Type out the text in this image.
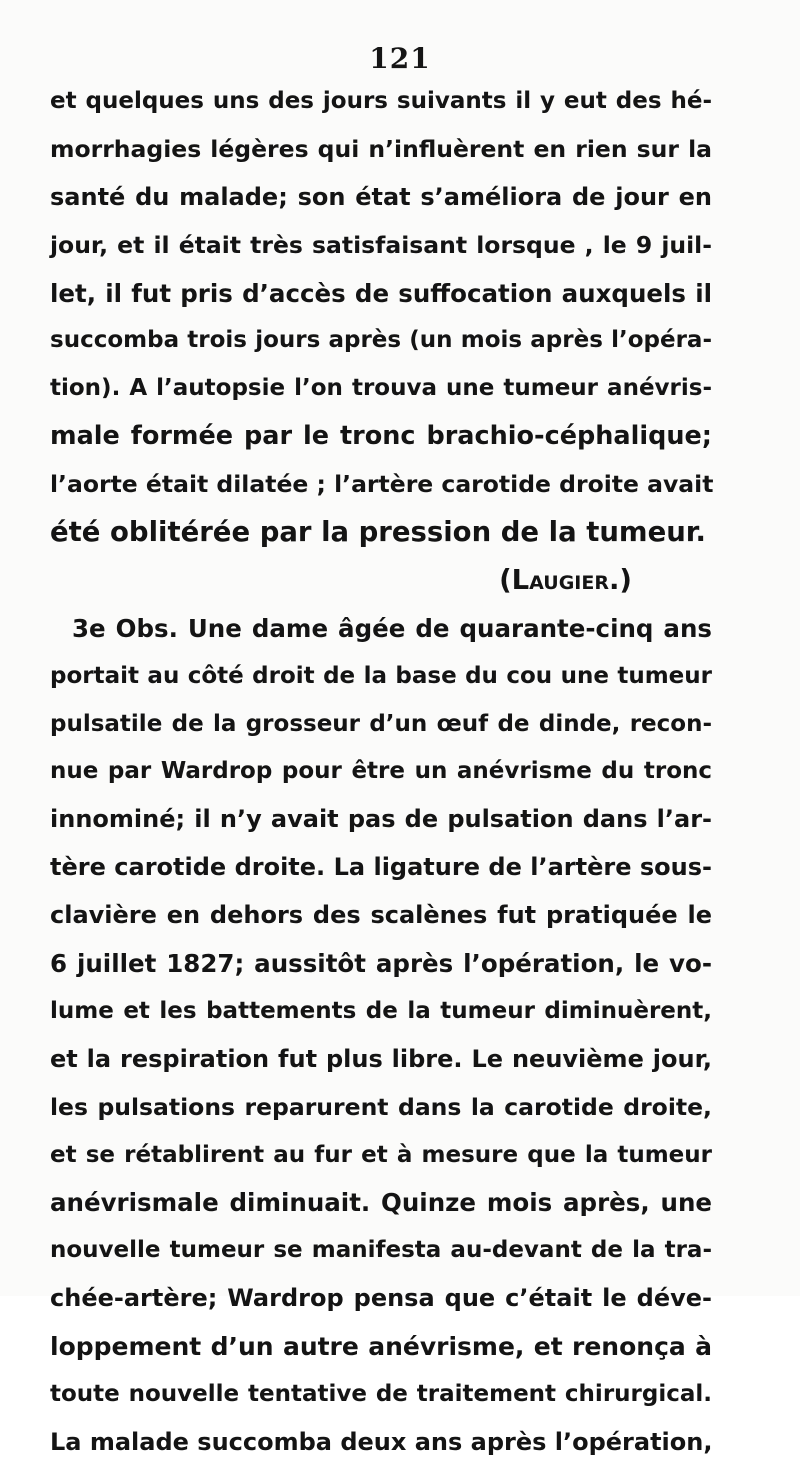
121
et quelques uns des jours suivants il y eut des hé-
morrhagies légères qui n’influèrent en rien sur la
santé du malade; son état s’améliora de jour en
jour, et il était très satisfaisant lorsque , le 9 juil-
let, il fut pris d’accès de suffocation auxquels il
succomba trois jours après (un mois après l’opéra-
tion). A l’autopsie l’on trouva une tumeur anévris-
male formée par le tronc brachio-céphalique;
l’aorte était dilatée ; l’artère carotide droite avait
été oblitérée par la pression de la tumeur.
(Laugier.)
3e Obs. Une dame âgée de quarante-cinq ans
portait au côté droit de la base du cou une tumeur
pulsatile de la grosseur d’un œuf de dinde, recon-
nue par Wardrop pour être un anévrisme du tronc
innominé; il n’y avait pas de pulsation dans l’ar-
tère carotide droite. La ligature de l’artère sous-
clavière en dehors des scalènes fut pratiquée le
6 juillet 1827; aussitôt après l’opération, le vo-
lume et les battements de la tumeur diminuèrent,
et la respiration fut plus libre. Le neuvième jour,
les pulsations reparurent dans la carotide droite,
et se rétablirent au fur et à mesure que la tumeur
anévrismale diminuait. Quinze mois après, une
nouvelle tumeur se manifesta au-devant de la tra-
chée-artère; Wardrop pensa que c’était le déve-
loppement d’un autre anévrisme, et renonça à
toute nouvelle tentative de traitement chirurgical.
La malade succomba deux ans après l’opération,
